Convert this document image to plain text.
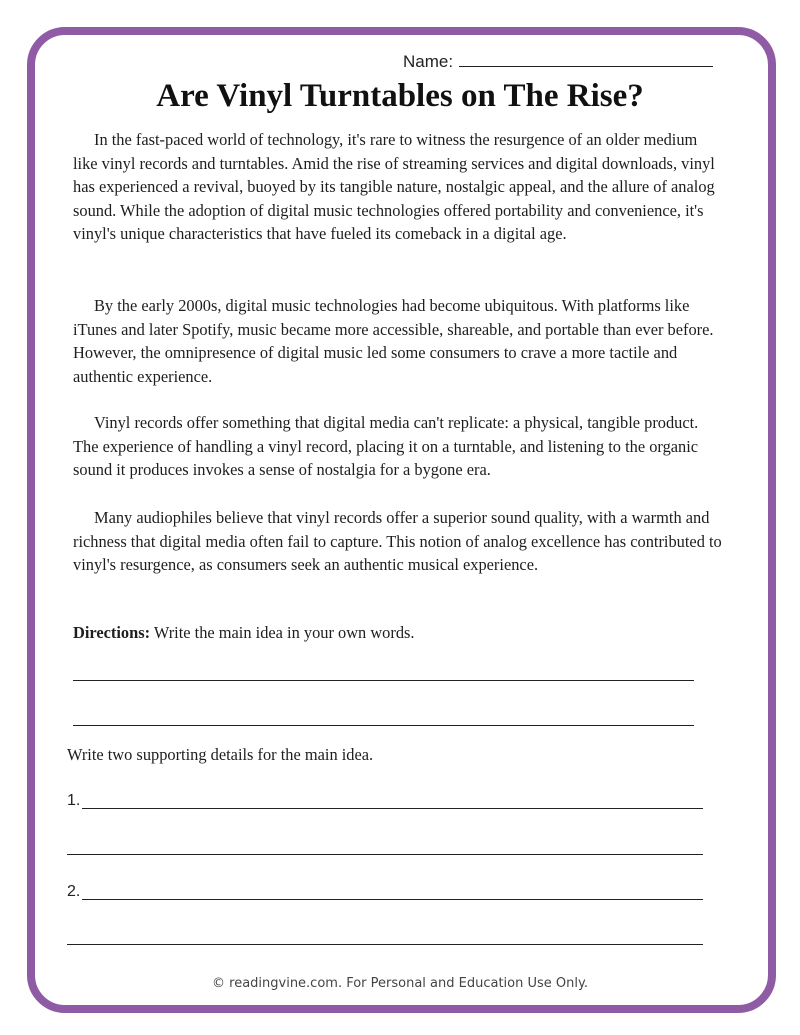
Name:
Are Vinyl Turntables on The Rise?

In the fast-paced world of technology, it's rare to witness the resurgence of an older medium like vinyl records and turntables. Amid the rise of streaming services and digital downloads, vinyl has experienced a revival, buoyed by its tangible nature, nostalgic appeal, and the allure of analog sound. While the adoption of digital music technologies offered portability and convenience, it's vinyl's unique characteristics that have fueled its comeback in a digital age.

By the early 2000s, digital music technologies had become ubiquitous. With platforms like iTunes and later Spotify, music became more accessible, shareable, and portable than ever before. However, the omnipresence of digital music led some consumers to crave a more tactile and authentic experience.

Vinyl records offer something that digital media can't replicate: a physical, tangible product. The experience of handling a vinyl record, placing it on a turntable, and listening to the organic sound it produces invokes a sense of nostalgia for a bygone era.

Many audiophiles believe that vinyl records offer a superior sound quality, with a warmth and richness that digital media often fail to capture. This notion of analog excellence has contributed to vinyl's resurgence, as consumers seek an authentic musical experience.

Directions: Write the main idea in your own words.
Write two supporting details for the main idea.
1.
2.
© readingvine.com. For Personal and Education Use Only.
